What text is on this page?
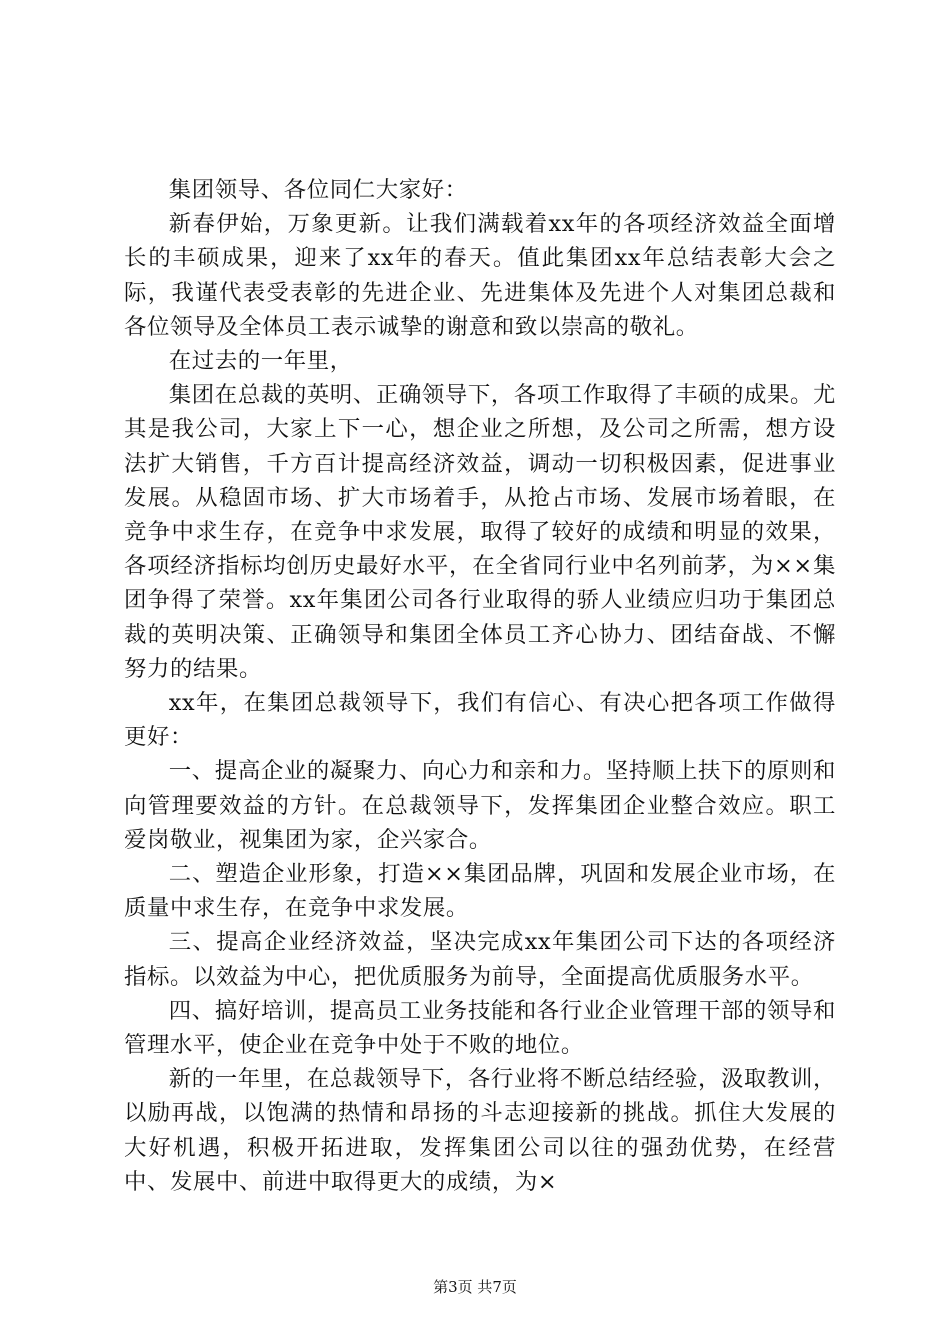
集团领导、各位同仁大家好：

新春伊始，万象更新。让我们满载着xx年的各项经济效益全面增长的丰硕成果，迎来了xx年的春天。值此集团xx年总结表彰大会之际，我谨代表受表彰的先进企业、先进集体及先进个人对集团总裁和各位领导及全体员工表示诚挚的谢意和致以崇高的敬礼。

在过去的一年里，

集团在总裁的英明、正确领导下，各项工作取得了丰硕的成果。尤其是我公司，大家上下一心，想企业之所想，及公司之所需，想方设法扩大销售，千方百计提高经济效益，调动一切积极因素，促进事业发展。从稳固市场、扩大市场着手，从抢占市场、发展市场着眼，在竞争中求生存，在竞争中求发展，取得了较好的成绩和明显的效果，各项经济指标均创历史最好水平，在全省同行业中名列前茅，为××集团争得了荣誉。xx年集团公司各行业取得的骄人业绩应归功于集团总裁的英明决策、正确领导和集团全体员工齐心协力、团结奋战、不懈努力的结果。

xx年，在集团总裁领导下，我们有信心、有决心把各项工作做得更好：

一、提高企业的凝聚力、向心力和亲和力。坚持顺上扶下的原则和向管理要效益的方针。在总裁领导下，发挥集团企业整合效应。职工爱岗敬业，视集团为家，企兴家合。

二、塑造企业形象，打造××集团品牌，巩固和发展企业市场，在质量中求生存，在竞争中求发展。

三、提高企业经济效益，坚决完成xx年集团公司下达的各项经济指标。以效益为中心，把优质服务为前导，全面提高优质服务水平。

四、搞好培训，提高员工业务技能和各行业企业管理干部的领导和管理水平，使企业在竞争中处于不败的地位。

新的一年里，在总裁领导下，各行业将不断总结经验，汲取教训，以励再战，以饱满的热情和昂扬的斗志迎接新的挑战。抓住大发展的大好机遇，积极开拓进取，发挥集团公司以往的强劲优势，在经营中、发展中、前进中取得更大的成绩，为×

第3页 共7页
